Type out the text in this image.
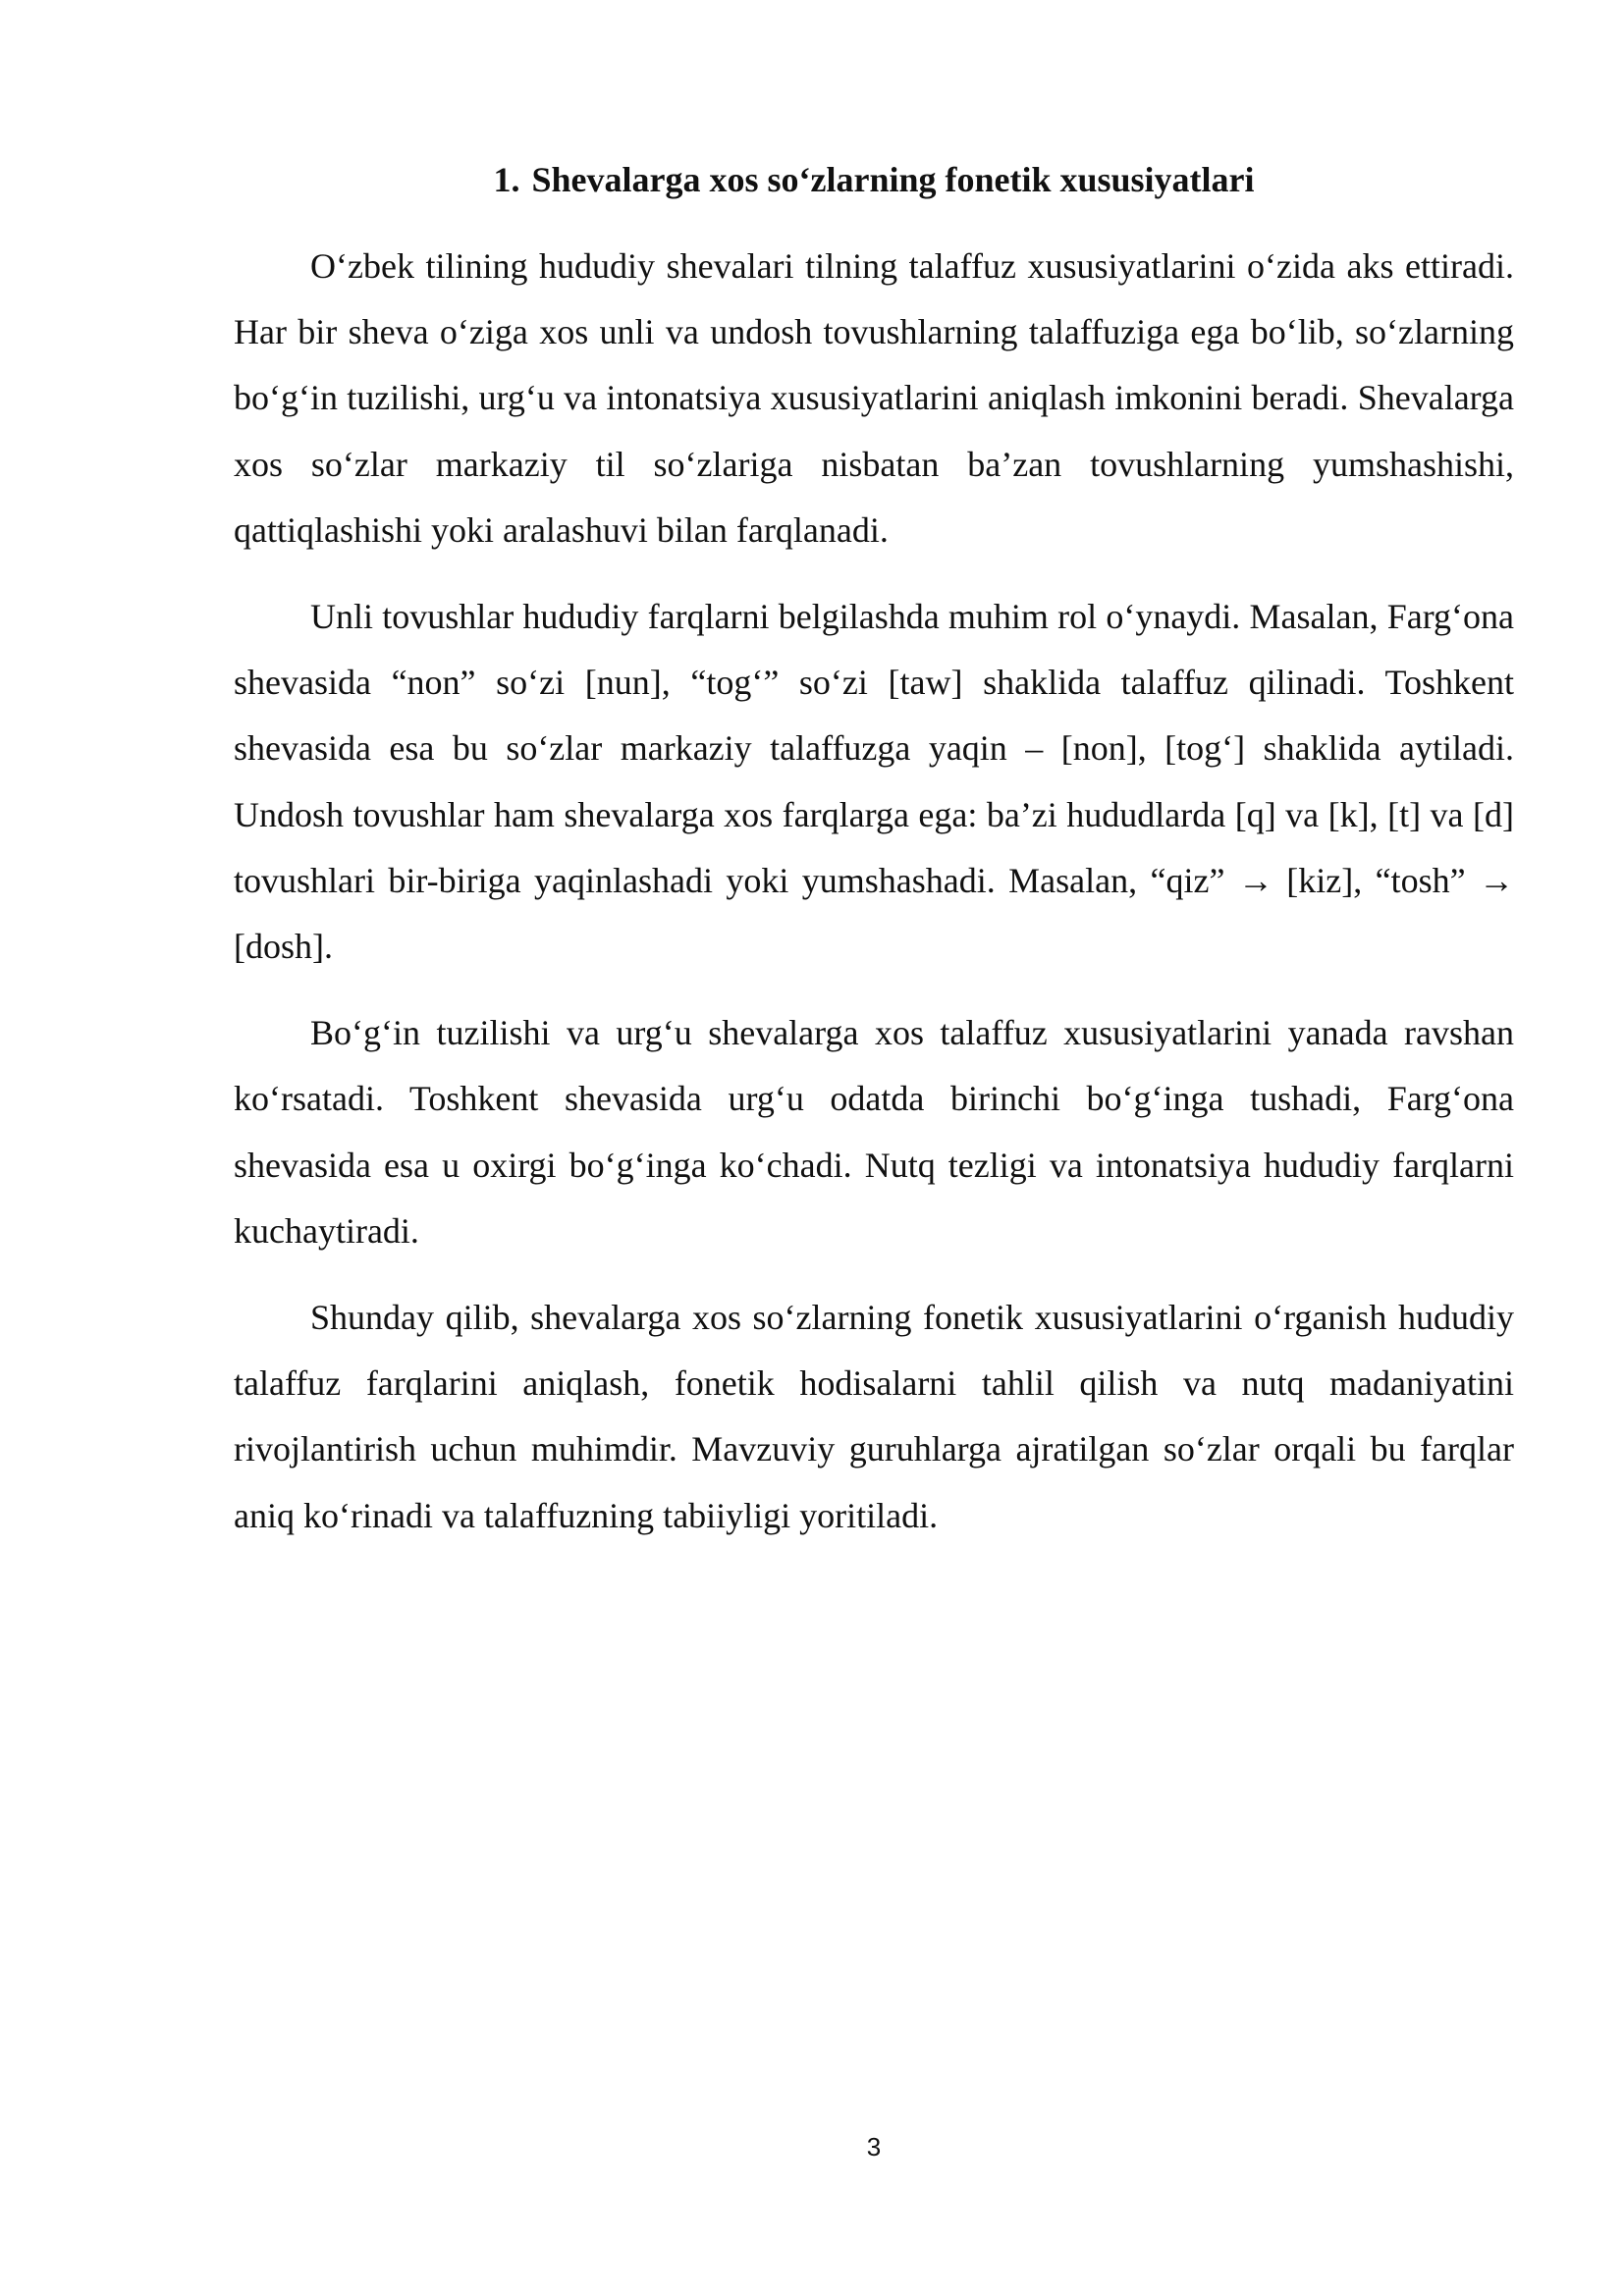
1. Shevalarga xos so‘zlarning fonetik xususiyatlari

O‘zbek tilining hududiy shevalari tilning talaffuz xususiyatlarini o‘zida aks ettiradi. Har bir sheva o‘ziga xos unli va undosh tovushlarning talaffuziga ega bo‘lib, so‘zlarning bo‘g‘in tuzilishi, urg‘u va intonatsiya xususiyatlarini aniqlash imkonini beradi. Shevalarga xos so‘zlar markaziy til so‘zlariga nisbatan ba’zan tovushlarning yumshashishi, qattiqlashishi yoki aralashuvi bilan farqlanadi.

Unli tovushlar hududiy farqlarni belgilashda muhim rol o‘ynaydi. Masalan, Farg‘ona shevasida “non” so‘zi [nun], “tog‘” so‘zi [taw] shaklida talaffuz qilinadi. Toshkent shevasida esa bu so‘zlar markaziy talaffuzga yaqin – [non], [tog‘] shaklida aytiladi. Undosh tovushlar ham shevalarga xos farqlarga ega: ba’zi hududlarda [q] va [k], [t] va [d] tovushlari bir-biriga yaqinlashadi yoki yumshashadi. Masalan, “qiz” → [kiz], “tosh” → [dosh].

Bo‘g‘in tuzilishi va urg‘u shevalarga xos talaffuz xususiyatlarini yanada ravshan ko‘rsatadi. Toshkent shevasida urg‘u odatda birinchi bo‘g‘inga tushadi, Farg‘ona shevasida esa u oxirgi bo‘g‘inga ko‘chadi. Nutq tezligi va intonatsiya hududiy farqlarni kuchaytiradi.

Shunday qilib, shevalarga xos so‘zlarning fonetik xususiyatlarini o‘rganish hududiy talaffuz farqlarini aniqlash, fonetik hodisalarni tahlil qilish va nutq madaniyatini rivojlantirish uchun muhimdir. Mavzuviy guruhlarga ajratilgan so‘zlar orqali bu farqlar aniq ko‘rinadi va talaffuzning tabiiyligi yoritiladi.

3
